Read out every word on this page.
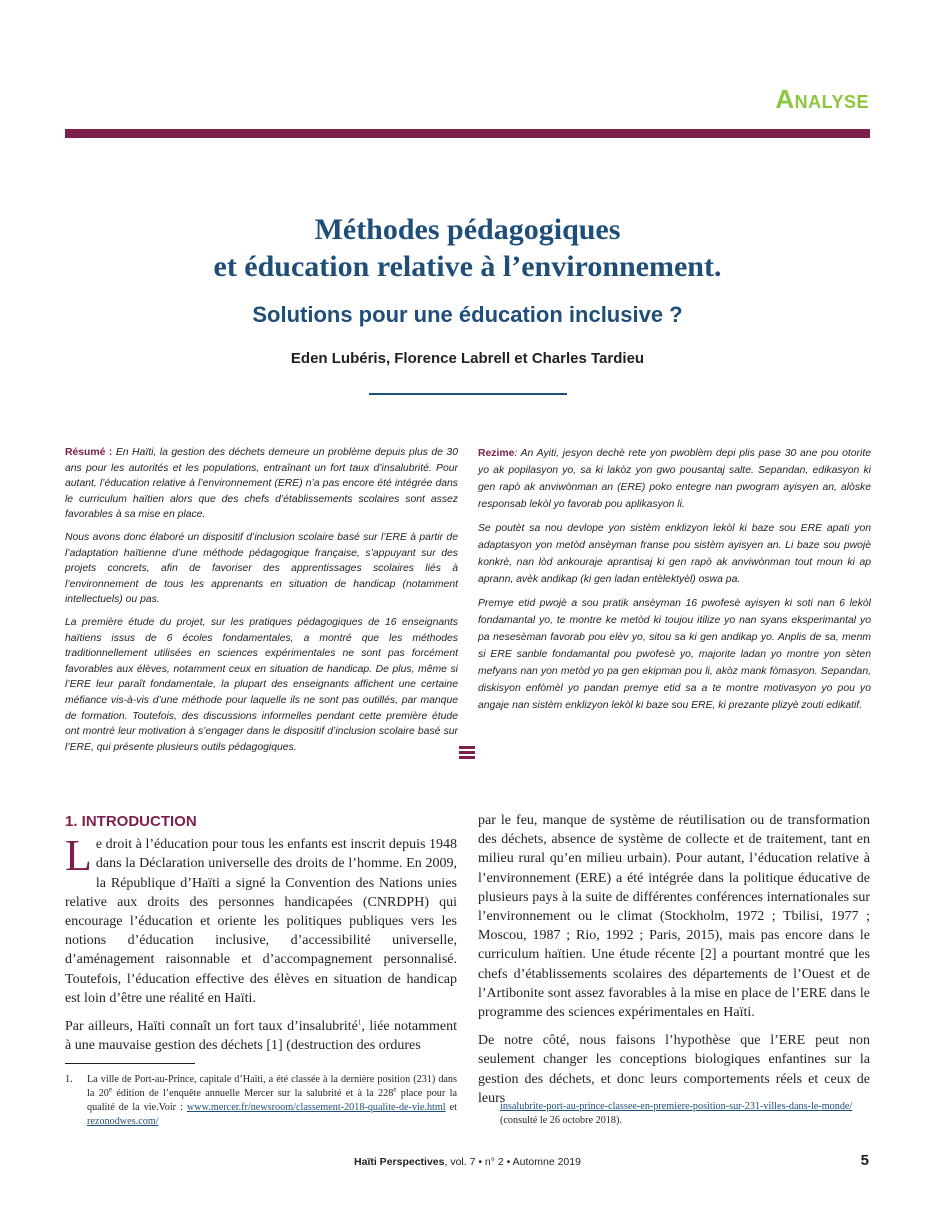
Analyse
Méthodes pédagogiques
et éducation relative à l’environnement.
Solutions pour une éducation inclusive ?
Eden Lubéris, Florence Labrell et Charles Tardieu

Résumé : En Haïti, la gestion des déchets demeure un problème depuis plus de 30 ans pour les autorités et les populations, entraînant un fort taux d’insalubrité. Pour autant, l’éducation relative à l’environnement (ERE) n’a pas encore été intégrée dans le curriculum haïtien alors que des chefs d’établissements scolaires sont assez favorables à sa mise en place.

Nous avons donc élaboré un dispositif d’inclusion scolaire basé sur l’ERE à partir de l’adaptation haïtienne d’une méthode pédagogique française, s’appuyant sur des projets concrets, afin de favoriser des apprentissages scolaires liés à l’environnement de tous les apprenants en situation de handicap (notamment intellectuels) ou pas.

La première étude du projet, sur les pratiques pédagogiques de 16 enseignants haïtiens issus de 6 écoles fondamentales, a montré que les méthodes traditionnellement utilisées en sciences expérimentales ne sont pas forcément favorables aux élèves, notamment ceux en situation de handicap. De plus, même si l’ERE leur paraît fondamentale, la plupart des enseignants affichent une certaine méfiance vis-à-vis d’une méthode pour laquelle ils ne sont pas outillés, par manque de formation. Toutefois, des discussions informelles pendant cette première étude ont montré leur motivation à s’engager dans le dispositif d’inclusion scolaire basé sur l’ERE, qui présente plusieurs outils pédagogiques.

Rezime: An Ayiti, jesyon dechè rete yon pwoblèm depi plis pase 30 ane pou otorite yo ak popilasyon yo, sa ki lakòz yon gwo pousantaj salte. Sepandan, edikasyon ki gen rapò ak anviwònman an (ERE) poko entegre nan pwogram ayisyen an, alòske responsab lekòl yo favorab pou aplikasyon li.

Se poutèt sa nou devlope yon sistèm enklizyon lekòl ki baze sou ERE apati yon adaptasyon yon metòd ansèyman franse pou sistèm ayisyen an. Li baze sou pwojè konkrè, nan lòd ankouraje aprantisaj ki gen rapò ak anviwònman tout moun ki ap aprann, avèk andikap (ki gen ladan entèlektyèl) oswa pa.

Premye etid pwojè a sou pratik ansèyman 16 pwofesè ayisyen ki soti nan 6 lekòl fondamantal yo, te montre ke metòd ki toujou itilize yo nan syans eksperimantal yo pa nesesèman favorab pou elèv yo, sitou sa ki gen andikap yo. Anplis de sa, menm si ERE sanble fondamantal pou pwofesè yo, majorite ladan yo montre yon sèten mefyans nan yon metòd yo pa gen ekipman pou li, akòz mank fòmasyon. Sepandan, diskisyon enfòmèl yo pandan premye etid sa a te montre motivasyon yo pou yo angaje nan sistèm enklizyon lekòl ki baze sou ERE, ki prezante plizyè zouti edikatif.

1. INTRODUCTION

Le droit à l’éducation pour tous les enfants est inscrit depuis 1948 dans la Déclaration universelle des droits de l’homme. En 2009, la République d’Haïti a signé la Convention des Nations unies relative aux droits des personnes handicapées (CNRDPH) qui encourage l’éducation et oriente les politiques publiques vers les notions d’éducation inclusive, d’accessibilité universelle, d’aménagement raisonnable et d’accompagnement personnalisé. Toutefois, l’éducation effective des élèves en situation de handicap est loin d’être une réalité en Haïti.

Par ailleurs, Haïti connaît un fort taux d’insalubrité$^1$, liée notamment à une mauvaise gestion des déchets [1] (destruction des ordures

par le feu, manque de système de réutilisation ou de transformation des déchets, absence de système de collecte et de traitement, tant en milieu rural qu’en milieu urbain). Pour autant, l’éducation relative à l’environnement (ERE) a été intégrée dans la politique éducative de plusieurs pays à la suite de différentes conférences internationales sur l’environnement ou le climat (Stockholm, 1972 ; Tbilisi, 1977 ; Moscou, 1987 ; Rio, 1992 ; Paris, 2015), mais pas encore dans le curriculum haïtien. Une étude récente [2] a pourtant montré que les chefs d’établissements scolaires des départements de l’Ouest et de l’Artibonite sont assez favorables à la mise en place de l’ERE dans le programme des sciences expérimentales en Haïti.

De notre côté, nous faisons l’hypothèse que l’ERE peut non seulement changer les conceptions biologiques enfantines sur la gestion des déchets, et donc leurs comportements réels et ceux de leurs

1. La ville de Port-au-Prince, capitale d’Haïti, a été classée à la dernière position (231) dans la 20e édition de l’enquête annuelle Mercer sur la salubrité et à la 228e place pour la qualité de la vie.Voir : www.mercer.fr/newsroom/classement-2018-qualite-de-vie.html et rezonodwes.com/
insalubrite-port-au-prince-classee-en-premiere-position-sur-231-villes-dans-le-monde/ (consulté le 26 octobre 2018).
Haïti Perspectives, vol. 7 • n° 2 • Automne 2019	5
